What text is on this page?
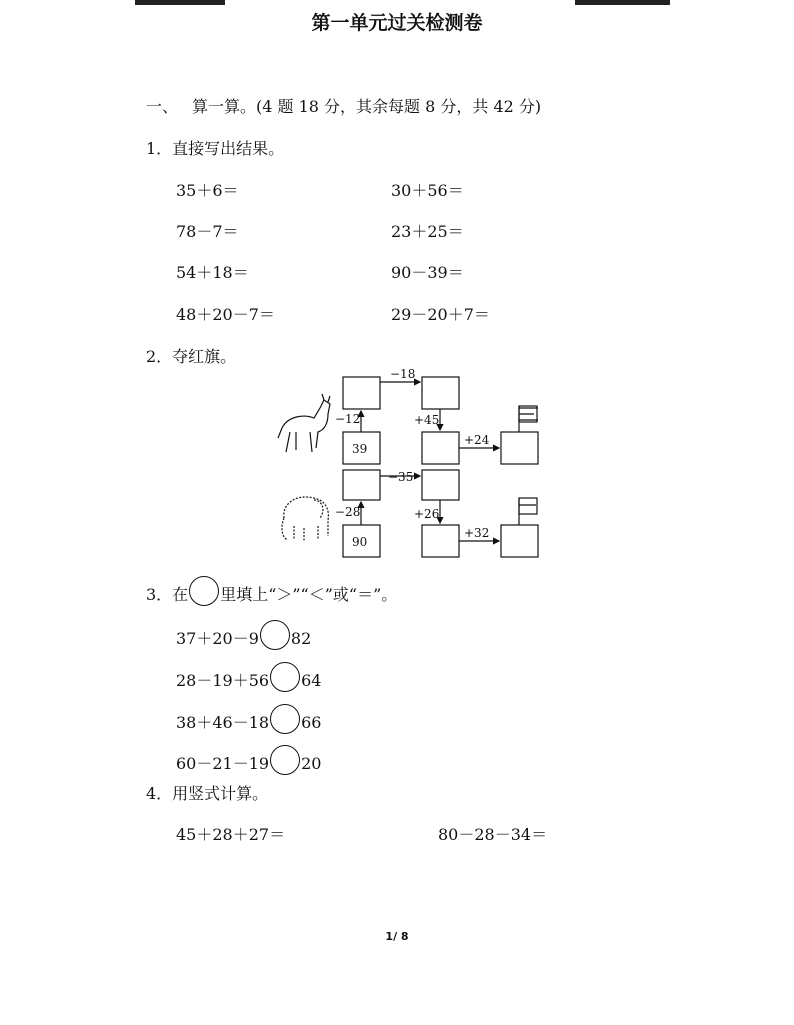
第一单元过关检测卷
一、 算一算。(4 题 18 分，其余每题 8 分，共 42 分)
1．直接写出结果。
35＋6＝	30＋56＝
78－7＝	23＋25＝
54＋18＝	90－39＝
48＋20－7＝	29－20＋7＝
2．夺红旗。
39
−12
−18
+45
+24
90
−28
−35
+26
+32
3．在 里填上“＞”“＜”或“＝”。
37＋20－9 82
28－19＋56 64
38＋46－18 66
60－21－19 20
4．用竖式计算。
45＋28＋27＝	80－28－34＝
1/ 8
